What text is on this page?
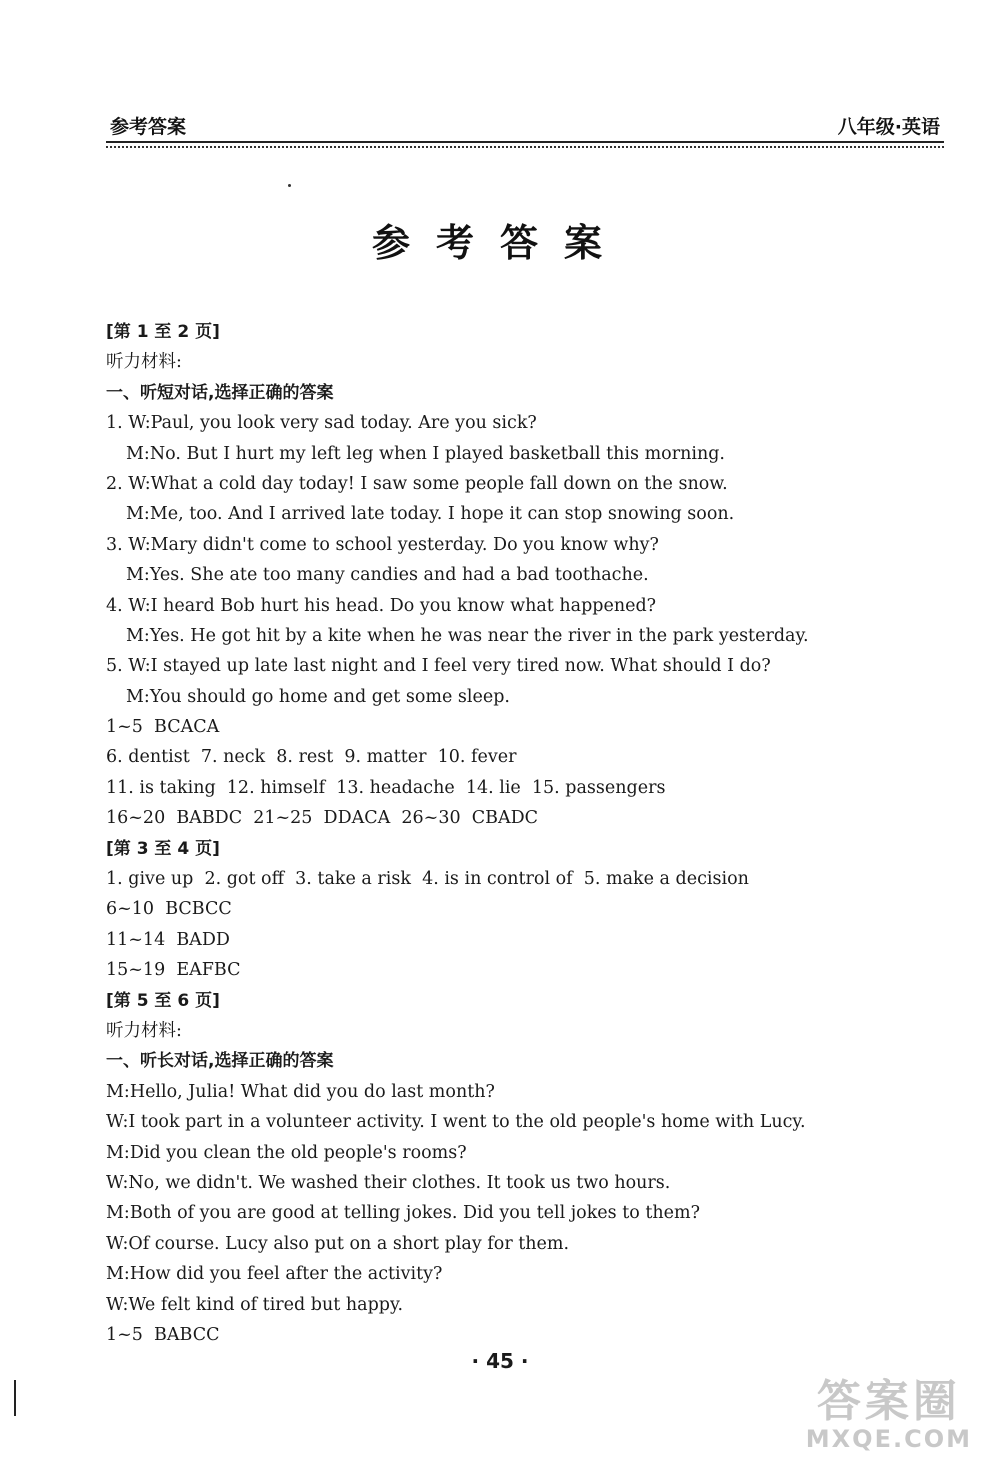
参考答案	八年级·英语
参考答案
[第 1 至 2 页]
听力材料:
一、听短对话,选择正确的答案
1. W:Paul, you look very sad today. Are you sick?
M:No. But I hurt my left leg when I played basketball this morning.
2. W:What a cold day today! I saw some people fall down on the snow.
M:Me, too. And I arrived late today. I hope it can stop snowing soon.
3. W:Mary didn't come to school yesterday. Do you know why?
M:Yes. She ate too many candies and had a bad toothache.
4. W:I heard Bob hurt his head. Do you know what happened?
M:Yes. He got hit by a kite when he was near the river in the park yesterday.
5. W:I stayed up late last night and I feel very tired now. What should I do?
M:You should go home and get some sleep.
1~5  BCACA
6. dentist  7. neck  8. rest  9. matter  10. fever
11. is taking  12. himself  13. headache  14. lie  15. passengers
16~20  BABDC  21~25  DDACA  26~30  CBADC
[第 3 至 4 页]
1. give up  2. got off  3. take a risk  4. is in control of  5. make a decision
6~10  BCBCC
11~14  BADD
15~19  EAFBC
[第 5 至 6 页]
听力材料:
一、听长对话,选择正确的答案
M:Hello, Julia! What did you do last month?
W:I took part in a volunteer activity. I went to the old people's home with Lucy.
M:Did you clean the old people's rooms?
W:No, we didn't. We washed their clothes. It took us two hours.
M:Both of you are good at telling jokes. Did you tell jokes to them?
W:Of course. Lucy also put on a short play for them.
M:How did you feel after the activity?
W:We felt kind of tired but happy.
1~5  BABCC
· 45 ·
答案圈
MXQE.COM
